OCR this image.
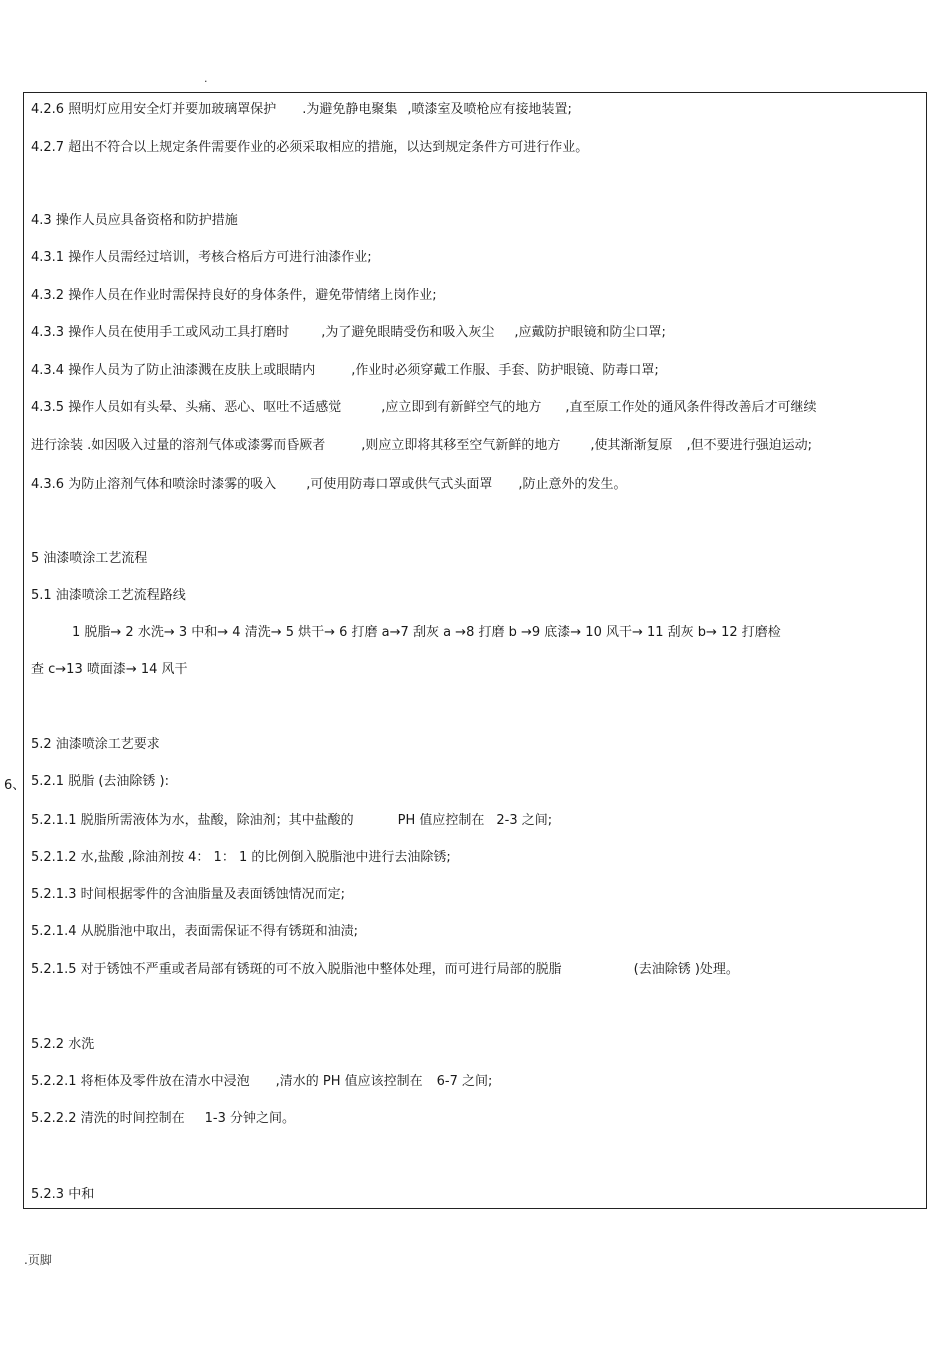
.
6、
4.2.6 照明灯应用安全灯并要加玻璃罩保护 .为避免静电聚集 ,喷漆室及喷枪应有接地装置;
4.2.7 超出不符合以上规定条件需要作业的必须采取相应的措施，以达到规定条件方可进行作业。
4.3 操作人员应具备资格和防护措施
4.3.1 操作人员需经过培训，考核合格后方可进行油漆作业;
4.3.2 操作人员在作业时需保持良好的身体条件，避免带情绪上岗作业;
4.3.3 操作人员在使用手工或风动工具打磨时 ,为了避免眼睛受伤和吸入灰尘 ,应戴防护眼镜和防尘口罩;
4.3.4 操作人员为了防止油漆溅在皮肤上或眼睛内	,作业时必须穿戴工作服、手套、防护眼镜、防毒口罩;
4.3.5 操作人员如有头晕、头痛、恶心、呕吐不适感觉	,应立即到有新鲜空气的地方 ,直至原工作处的通风条件得改善后才可继续
进行涂装 .如因吸入过量的溶剂气体或漆雾而昏厥者	,则应立即将其移至空气新鲜的地方 ,使其渐渐复原 ,但不要进行强迫运动;
4.3.6 为防止溶剂气体和喷涂时漆雾的吸入 ,可使用防毒口罩或供气式头面罩 ,防止意外的发生。
5 油漆喷涂工艺流程
5.1 油漆喷涂工艺流程路线
1 脱脂→ 2 水洗→ 3 中和→ 4 清洗→ 5 烘干→ 6 打磨 a→7 刮灰 a →8 打磨 b →9 底漆→ 10 风干→ 11 刮灰 b→ 12 打磨检
查 c→13 喷面漆→ 14 风干
5.2 油漆喷涂工艺要求
5.2.1 脱脂 (去油除锈 ):
5.2.1.1 脱脂所需液体为水，盐酸，除油剂；其中盐酸的	PH 值应控制在 2-3 之间;
5.2.1.2 水,盐酸 ,除油剂按 4： 1： 1 的比例倒入脱脂池中进行去油除锈;
5.2.1.3 时间根据零件的含油脂量及表面锈蚀情况而定;
5.2.1.4 从脱脂池中取出，表面需保证不得有锈斑和油渍;
5.2.1.5 对于锈蚀不严重或者局部有锈斑的可不放入脱脂池中整体处理，而可进行局部的脱脂	(去油除锈 )处理。
5.2.2 水洗
5.2.2.1 将柜体及零件放在清水中浸泡 ,清水的 PH 值应该控制在 6-7 之间;
5.2.2.2 清洗的时间控制在 1-3 分钟之间。
5.2.3 中和
.页脚
